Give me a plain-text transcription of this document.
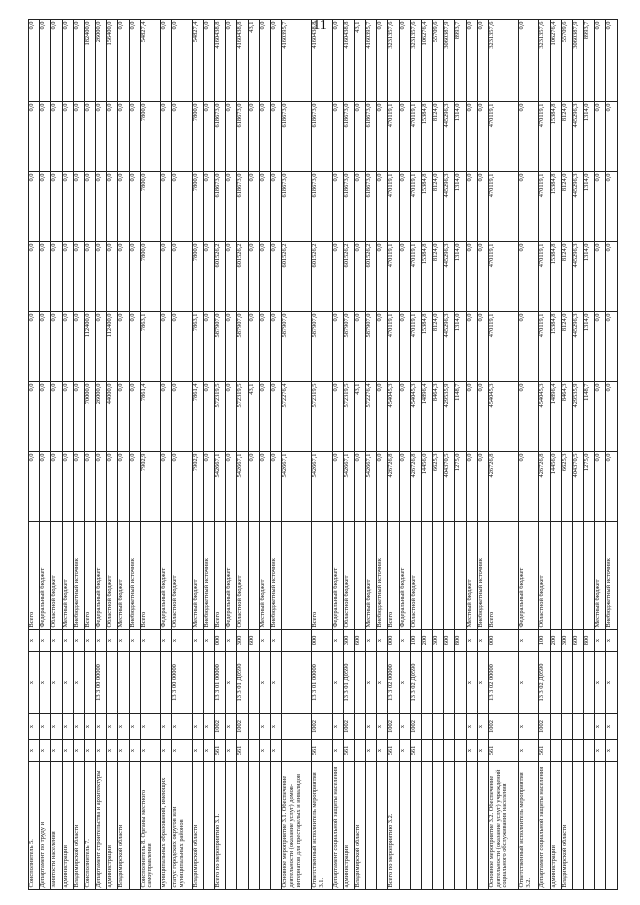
11
Соисполнитель 5.	x	x	x	x	Всего	0,0	0,0	0,0	0,0	0,0	0,0	0,0
Департамент по труду и	x	x	x	x	Федеральный бюджет	0,0	0,0	0,0	0,0	0,0	0,0	0,0
занятости населения	x	x	x	x	Областной бюджет	0,0	0,0	0,0	0,0	0,0	0,0	0,0
администрации	x	x	x	x	Местный бюджет	0,0	0,0	0,0	0,0	0,0	0,0	0,0
Владимирской области	x	x	x	x	Внебюджетный источник	0,0	0,0	0,0	0,0	0,0	0,0	0,0
Соисполнитель 7.	x	x		x	Всего	0,0	70000,0	112400,0	0,0	0,0	0,0	182400,0
Департамент строительства и архитектуры	x	x	13 3 00 00000	x	Федеральный бюджет	0,0	26000,0	0,0	0,0	0,0	0,0	26000,0
администрации	x	x		x	Областной бюджет	0,0	44000,0	112400,0	0,0	0,0	0,0	156400,0
Владимирской области	x	x		x	Местный бюджет	0,0	0,0	0,0	0,0	0,0	0,0	0,0
	x	x		x	Внебюджетный источник	0,0	0,0	0,0	0,0	0,0	0,0	0,0
Соисполнитель 8. Органы местного самоуправления	x	x		x	Всего	7902,9	7861,4	7863,1	7800,0	7800,0	7800,0	54827,4
муниципальных образований, имеющих	x	x		x	Федеральный бюджет	0,0	0,0	0,0	0,0	0,0	0,0	0,0
статус городских округов или муниципальных районов	x	x	13 3 00 00000	x	Областной бюджет	0,0	0,0	0,0	0,0	0,0	0,0	0,0
Владимирской области	x	x		x	Местный бюджет	7902,9	7861,4	7863,1	7800,0	7800,0	7800,0	54827,4
	x	x		x	Внебюджетный источник	0,0	0,0	0,0	0,0	0,0	0,0	0,0
Всего по мероприятию 3.1.	561	1002	13 3 01 00000	000	Всего	542667,1	572319,5	587907,0	601526,2	618673,0	618673,0	4160438,8
	x	x	x	x	Федеральный бюджет	0,0	0,0	0,0	0,0	0,0	0,0	0,0
	561	1002	13 3 01 Д0590	300	Областной бюджет	542667,1	572319,5	587907,0	601526,2	618673,0	618673,0	4160438,8
				600		0,0	43,1	0,0	0,0	0,0	0,0	43,1
	x	x	x	x	Местный бюджет	0,0	0,0	0,0	0,0	0,0	0,0	0,0
	x	x	x	x	Внебюджетный источник	0,0	0,0	0,0	0,0	0,0	0,0	0,0
Основное мероприятие 3.1. Обеспечение деятельности (оказание услуг) домов-интернатов для престарелых и инвалидов						542667,1	572276,4	587907,0	601526,2	618673,0	618673,0	4160395,7
Ответственный исполнитель мероприятия 3.1.	561	1002	13 3 01 00000	000	Всего	542667,1	572319,5	587907,0	601526,2	618673,0	618673,0	4160438,8
Департамент социальной защиты населения	x	x	x	x	Федеральный бюджет	0,0	0,0	0,0	0,0	0,0	0,0	0,0
администрации	561	1002	13 3 01 Д0590	300	Областной бюджет	542667,1	572319,5	587907,0	601526,2	618673,0	618673,0	4160438,8
Владимирской области				600		0,0	43,1	0,0	0,0	0,0	0,0	43,1
	x	x	x	x	Местный бюджет	542667,1	572276,4	587907,0	601526,2	618673,0	618673,0	4160395,7
	x	x	x	x	Внебюджетный источник	0,0	0,0	0,0	0,0	0,0	0,0	0,0
Всего по мероприятию 3.2.	561	1002	13 3 02 00000	000	Всего	426726,8	454045,3	470119,1	470119,1	470119,1	470119,1	3231357,6
	x	x	x	x	Федеральный бюджет	0,0	0,0	0,0	0,0	0,0	0,0	0,0
	561	1002	13 3 02 Д0590	100	Областной бюджет	426726,8	454045,3	470119,1	470119,1	470119,1	470119,1	3231357,6
				200		14456,0	14896,4	15384,8	15384,8	15384,8	15384,8	106276,4
				300		6625,3	8464,3	8124,0	8124,0	8124,0	8124,0	55709,6
				600		404370,5	429535,9	445296,3	445296,3	445296,3	445296,3	3060387,9
				800		1275,0	1148,7	1314,0	1314,0	1314,0	1314,0	8993,7
	x	x	x	x	Местный бюджет	0,0	0,0	0,0	0,0	0,0	0,0	0,0
	x	x	x	x	Внебюджетный источник	0,0	0,0	0,0	0,0	0,0	0,0	0,0
Основное мероприятие 3.2. Обеспечение деятельности (оказание услуг) учреждений социального обслуживания населения	561	1002	13 3 02 00000	000	Всего	426726,8	454045,3	470119,1	470119,1	470119,1	470119,1	3231357,6
Ответственный исполнитель мероприятия 3.2.	x	x	x	x	Федеральный бюджет	0,0	0,0	0,0	0,0	0,0	0,0	0,0
Департамент социальной защиты населения	561	1002	13 3 02 Д0590	100	Областной бюджет	426726,8	454045,3	470119,1	470119,1	470119,1	470119,1	3231357,6
администрации				200		14456,0	14896,4	15384,8	15384,8	15384,8	15384,8	106276,4
Владимирской области				300		6625,3	8464,3	8124,0	8124,0	8124,0	8124,0	55709,6
				600		404370,5	429535,9	445296,3	445296,3	445296,3	445296,3	3060387,9
				800		1275,0	1148,7	1314,0	1314,0	1314,0	1314,0	8993,7
	x	x	x	x	Местный бюджет	0,0	0,0	0,0	0,0	0,0	0,0	0,0
	x	x	x	x	Внебюджетный источник	0,0	0,0	0,0	0,0	0,0	0,0	0,0
